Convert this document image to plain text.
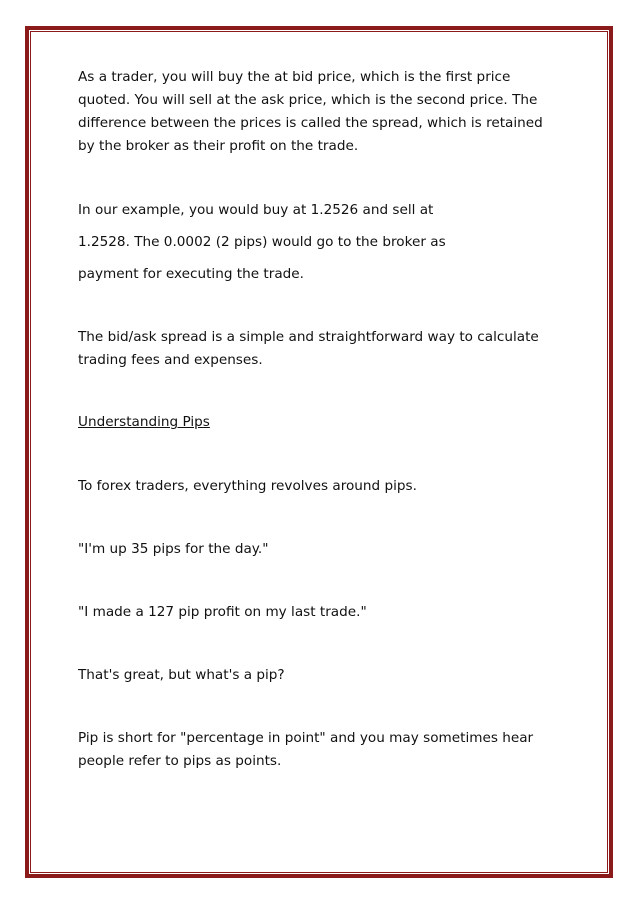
As a trader, you will buy the at bid price, which is the first price quoted. You will sell at the ask price, which is the second price. The difference between the prices is called the spread, which is retained by the broker as their profit on the trade.

In our example, you would buy at 1.2526 and sell at

1.2528. The 0.0002 (2 pips) would go to the broker as

payment for executing the trade.

The bid/ask spread is a simple and straightforward way to calculate trading fees and expenses.

Understanding Pips

To forex traders, everything revolves around pips.

"I'm up 35 pips for the day."

"I made a 127 pip profit on my last trade."

That's great, but what's a pip?

Pip is short for "percentage in point" and you may sometimes hear people refer to pips as points.
